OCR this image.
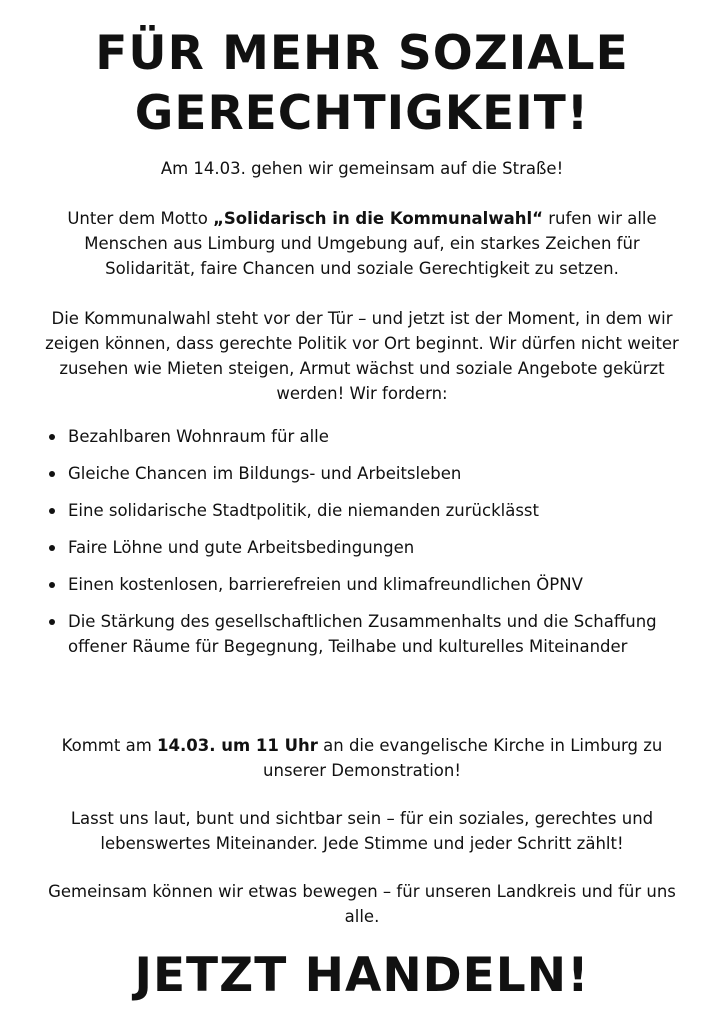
FÜR MEHR SOZIALE
GERECHTIGKEIT!

Am 14.03. gehen wir gemeinsam auf die Straße!

Unter dem Motto „Solidarisch in die Kommunalwahl“ rufen wir alle Menschen aus Limburg und Umgebung auf, ein starkes Zeichen für Solidarität, faire Chancen und soziale Gerechtigkeit zu setzen.

Die Kommunalwahl steht vor der Tür – und jetzt ist der Moment, in dem wir zeigen können, dass gerechte Politik vor Ort beginnt. Wir dürfen nicht weiter zusehen wie Mieten steigen, Armut wächst und soziale Angebote gekürzt werden! Wir fordern:

Bezahlbaren Wohnraum für alle
Gleiche Chancen im Bildungs- und Arbeitsleben
Eine solidarische Stadtpolitik, die niemanden zurücklässt
Faire Löhne und gute Arbeitsbedingungen
Einen kostenlosen, barrierefreien und klimafreundlichen ÖPNV
Die Stärkung des gesellschaftlichen Zusammenhalts und die Schaffung offener Räume für Begegnung, Teilhabe und kulturelles Miteinander

Kommt am 14.03. um 11 Uhr an die evangelische Kirche in Limburg zu unserer Demonstration!

Lasst uns laut, bunt und sichtbar sein – für ein soziales, gerechtes und lebenswertes Miteinander. Jede Stimme und jeder Schritt zählt!

Gemeinsam können wir etwas bewegen – für unseren Landkreis und für uns alle.

JETZT HANDELN!
